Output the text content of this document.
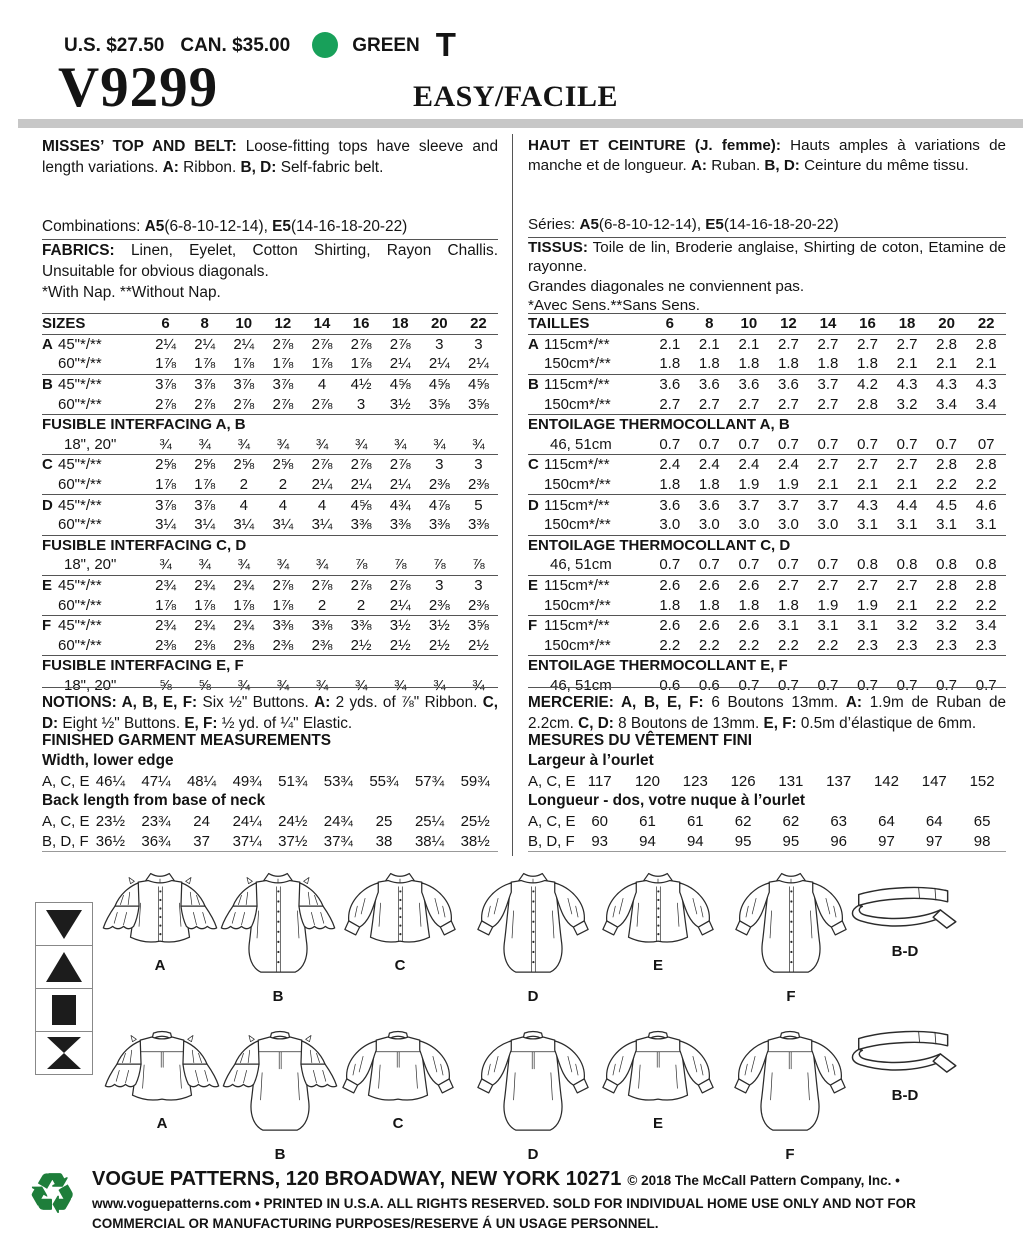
U.S. $27.50 CAN. $35.00	GREEN T
V9299	EASY/FACILE
MISSES’ TOP AND BELT: Loose-fitting tops have sleeve and length variations. A: Ribbon. B, D: Self-fabric belt.
Combinations: A5(6-8-10-12-14), E5(14-16-18-20-22)
FABRICS: Linen, Eyelet, Cotton Shirting, Rayon Challis. Unsuitable for obvious diagonals.
*With Nap. **Without Nap.
HAUT ET CEINTURE (J. femme): Hauts amples à variations de manche et de longueur. A: Ruban. B, D: Ceinture du même tissu.
Séries: A5(6-8-10-12-14), E5(14-16-18-20-22)
TISSUS: Toile de lin, Broderie anglaise, Shirting de coton, Etamine de rayonne.
Grandes diagonales ne conviennent pas.
*Avec Sens.**Sans Sens.
SIZES	6	8	10	12	14	16	18	20	22
A 45"*/**	2¼	2¼	2¼	2⅞	2⅞	2⅞	2⅞	3	3
60"*/**	1⅞	1⅞	1⅞	1⅞	1⅞	1⅞	2¼	2¼	2¼
B 45"*/**	3⅞	3⅞	3⅞	3⅞	4	4½	4⅝	4⅝	4⅝
60"*/**	2⅞	2⅞	2⅞	2⅞	2⅞	3	3½	3⅝	3⅝
FUSIBLE INTERFACING A, B									
18", 20"	¾	¾	¾	¾	¾	¾	¾	¾	¾
C 45"*/**	2⅝	2⅝	2⅝	2⅝	2⅞	2⅞	2⅞	3	3
60"*/**	1⅞	1⅞	2	2	2¼	2¼	2¼	2⅜	2⅜
D 45"*/**	3⅞	3⅞	4	4	4	4⅝	4¾	4⅞	5
60"*/**	3¼	3¼	3¼	3¼	3¼	3⅜	3⅜	3⅜	3⅜
FUSIBLE INTERFACING C, D									
18", 20"	¾	¾	¾	¾	¾	⅞	⅞	⅞	⅞
E 45"*/**	2¾	2¾	2¾	2⅞	2⅞	2⅞	2⅞	3	3
60"*/**	1⅞	1⅞	1⅞	1⅞	2	2	2¼	2⅜	2⅜
F 45"*/**	2¾	2¾	2¾	3⅜	3⅜	3⅜	3½	3½	3⅝
60"*/**	2⅜	2⅜	2⅜	2⅜	2⅜	2½	2½	2½	2½
FUSIBLE INTERFACING E, F									
18", 20"	⅝	⅝	¾	¾	¾	¾	¾	¾	¾
TAILLES	6	8	10	12	14	16	18	20	22
A 115cm*/**	2.1	2.1	2.1	2.7	2.7	2.7	2.7	2.8	2.8
150cm*/**	1.8	1.8	1.8	1.8	1.8	1.8	2.1	2.1	2.1
B 115cm*/**	3.6	3.6	3.6	3.6	3.7	4.2	4.3	4.3	4.3
150cm*/**	2.7	2.7	2.7	2.7	2.7	2.8	3.2	3.4	3.4
ENTOILAGE THERMOCOLLANT A, B									
46, 51cm	0.7	0.7	0.7	0.7	0.7	0.7	0.7	0.7	07
C 115cm*/**	2.4	2.4	2.4	2.4	2.7	2.7	2.7	2.8	2.8
150cm*/**	1.8	1.8	1.9	1.9	2.1	2.1	2.1	2.2	2.2
D 115cm*/**	3.6	3.6	3.7	3.7	3.7	4.3	4.4	4.5	4.6
150cm*/**	3.0	3.0	3.0	3.0	3.0	3.1	3.1	3.1	3.1
ENTOILAGE THERMOCOLLANT C, D									
46, 51cm	0.7	0.7	0.7	0.7	0.7	0.8	0.8	0.8	0.8
E 115cm*/**	2.6	2.6	2.6	2.7	2.7	2.7	2.7	2.8	2.8
150cm*/**	1.8	1.8	1.8	1.8	1.9	1.9	2.1	2.2	2.2
F 115cm*/**	2.6	2.6	2.6	3.1	3.1	3.1	3.2	3.2	3.4
150cm*/**	2.2	2.2	2.2	2.2	2.2	2.3	2.3	2.3	2.3
ENTOILAGE THERMOCOLLANT E, F									
46, 51cm	0.6	0.6	0.7	0.7	0.7	0.7	0.7	0.7	0.7
NOTIONS: A, B, E, F: Six ½" Buttons. A: 2 yds. of ⅞" Ribbon. C, D: Eight ½" Buttons. E, F: ½ yd. of ¼" Elastic.
MERCERIE: A, B, E, F: 6 Boutons 13mm. A: 1.9m de Ruban de 2.2cm. C, D: 8 Boutons de 13mm. E, F: 0.5m d’élastique de 6mm.
FINISHED GARMENT MEASUREMENTS									
Width, lower edge									
A, C, E	46¼	47¼	48¼	49¾	51¾	53¾	55¾	57¾	59¾
Back length from base of neck									
A, C, E	23½	23¾	24	24¼	24½	24¾	25	25¼	25½
B, D, F	36½	36¾	37	37¼	37½	37¾	38	38¼	38½
MESURES DU VÊTEMENT FINI									
Largeur à l’ourlet									
A, C, E	117	120	123	126	131	137	142	147	152
Longueur - dos, votre nuque à l’ourlet									
A, C, E	60	61	61	62	62	63	64	64	65
B, D, F	93	94	94	95	95	96	97	97	98
A
B
C
D
E
F
B-D
A
B
C
D
E
F
B-D
♻ VOGUE PATTERNS, 120 BROADWAY, NEW YORK 10271 © 2018 The McCall Pattern Company, Inc. •
www.voguepatterns.com • PRINTED IN U.S.A. ALL RIGHTS RESERVED. SOLD FOR INDIVIDUAL HOME USE ONLY AND NOT FOR
COMMERCIAL OR MANUFACTURING PURPOSES/RESERVE Á UN USAGE PERSONNEL.
